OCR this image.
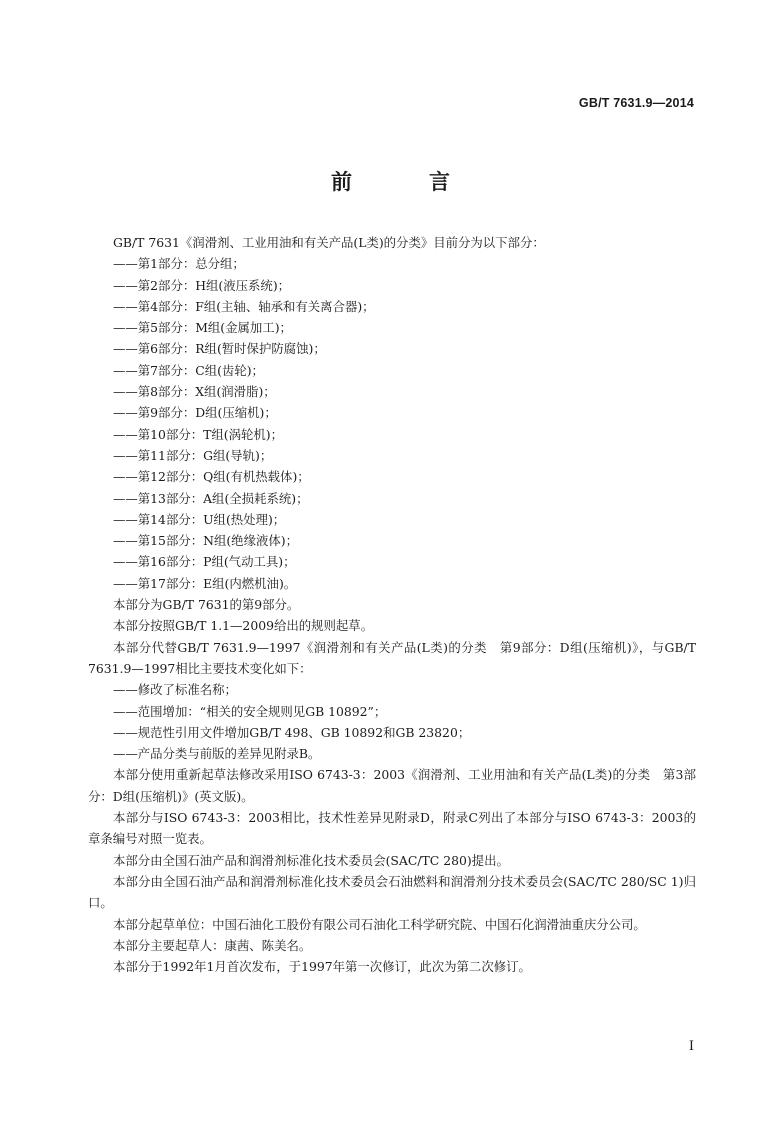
GB/T 7631.9—2014
前　言

GB/T 7631《润滑剂、工业用油和有关产品(L类)的分类》目前分为以下部分：

——第1部分：总分组；
——第2部分：H组(液压系统)；
——第4部分：F组(主轴、轴承和有关离合器)；
——第5部分：M组(金属加工)；
——第6部分：R组(暂时保护防腐蚀)；
——第7部分：C组(齿轮)；
——第8部分：X组(润滑脂)；
——第9部分：D组(压缩机)；
——第10部分：T组(涡轮机)；
——第11部分：G组(导轨)；
——第12部分：Q组(有机热载体)；
——第13部分：A组(全损耗系统)；
——第14部分：U组(热处理)；
——第15部分：N组(绝缘液体)；
——第16部分：P组(气动工具)；
——第17部分：E组(内燃机油)。

本部分为GB/T 7631的第9部分。

本部分按照GB/T 1.1—2009给出的规则起草。

本部分代替GB/T 7631.9—1997《润滑剂和有关产品(L类)的分类　第9部分：D组(压缩机)》，与GB/T 7631.9—1997相比主要技术变化如下：

——修改了标准名称；
——范围增加：“相关的安全规则见GB 10892”；
——规范性引用文件增加GB/T 498、GB 10892和GB 23820；
——产品分类与前版的差异见附录B。

本部分使用重新起草法修改采用ISO 6743-3：2003《润滑剂、工业用油和有关产品(L类)的分类　第3部分：D组(压缩机)》(英文版)。

本部分与ISO 6743-3：2003相比，技术性差异见附录D，附录C列出了本部分与ISO 6743-3：2003的章条编号对照一览表。

本部分由全国石油产品和润滑剂标准化技术委员会(SAC/TC 280)提出。

本部分由全国石油产品和润滑剂标准化技术委员会石油燃料和润滑剂分技术委员会(SAC/TC 280/SC 1)归口。

本部分起草单位：中国石油化工股份有限公司石油化工科学研究院、中国石化润滑油重庆分公司。

本部分主要起草人：康茜、陈美名。

本部分于1992年1月首次发布，于1997年第一次修订，此次为第二次修订。

I
